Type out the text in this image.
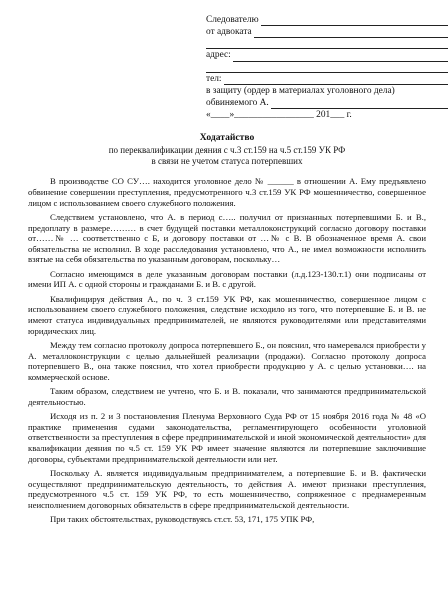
Следователю
от адвоката
адрес:
тел:
в защиту (ордер в материалах уголовного дела)
обвиняемого А.
«____»_________________ 201___ г.
Ходатайство
по переквалификации деяния с ч.3 ст.159 на ч.5 ст.159 УК РФ
в связи не учетом статуса потерпевших

В производстве СО СУ…. находится уголовное дело № ______ в отношении А. Ему предъявлено обвинение совершении преступления, предусмотренного ч.3 ст.159 УК РФ мошенничество, совершенное лицом с использованием своего служебного положения.

Следствием установлено, что А. в период с….. получил от признанных потерпевшими Б. и В., предоплату в размере……… в счет будущей поставки металлоконструкций согласно договору поставки от……№ … соответственно с Б, и договору поставки от …№ с В. В обозначенное время А. свои обязательства не исполнил. В ходе расследования установлено, что А., не имел возможности исполнить взятые на себя обязательства по указанным договорам, поскольку…

Согласно имеющимся в деле указанным договорам поставки (л.д.123-130.т.1) они подписаны от имени ИП А. с одной стороны и гражданами Б. и В. с другой.

Квалифицируя действия А., по ч. 3 ст.159 УК РФ, как мошенничество, совершенное лицом с использованием своего служебного положения, следствие исходило из того, что потерпевшие Б. и В. не имеют статуса индивидуальных предпринимателей, не являются руководителями или представителями юридических лиц.

Между тем согласно протоколу допроса потерпевшего Б., он пояснил, что намеревался приобрести у А. металлоконструкции с целью дальнейшей реализации (продажи). Согласно протоколу допроса потерпевшего В., она также пояснил, что хотел приобрести продукцию у А. с целью установки…. на коммерческой основе.

Таким образом, следствием не учтено, что Б. и В. показали, что занимаются предпринимательской деятельностью.

Исходя из п. 2 и 3 постановления Пленума Верховного Суда РФ от 15 ноября 2016 года № 48 «О практике применения судами законодательства, регламентирующего особенности уголовной ответственности за преступления в сфере предпринимательской и иной экономической деятельности» для квалификации деяния по ч.5 ст. 159 УК РФ имеет значение являются ли потерпевшие заключившие договоры, субъектами предпринимательской деятельности или нет.

Поскольку А. является индивидуальным предпринимателем, а потерпевшие Б. и В. фактически осуществляют предпринимательскую деятельность, то действия А. имеют признаки преступления, предусмотренного ч.5 ст. 159 УК РФ, то есть мошенничество, сопряженное с преднамеренным неисполнением договорных обязательств в сфере предпринимательской деятельности.

При таких обстоятельствах, руководствуясь ст.ст. 53, 171, 175 УПК РФ,
